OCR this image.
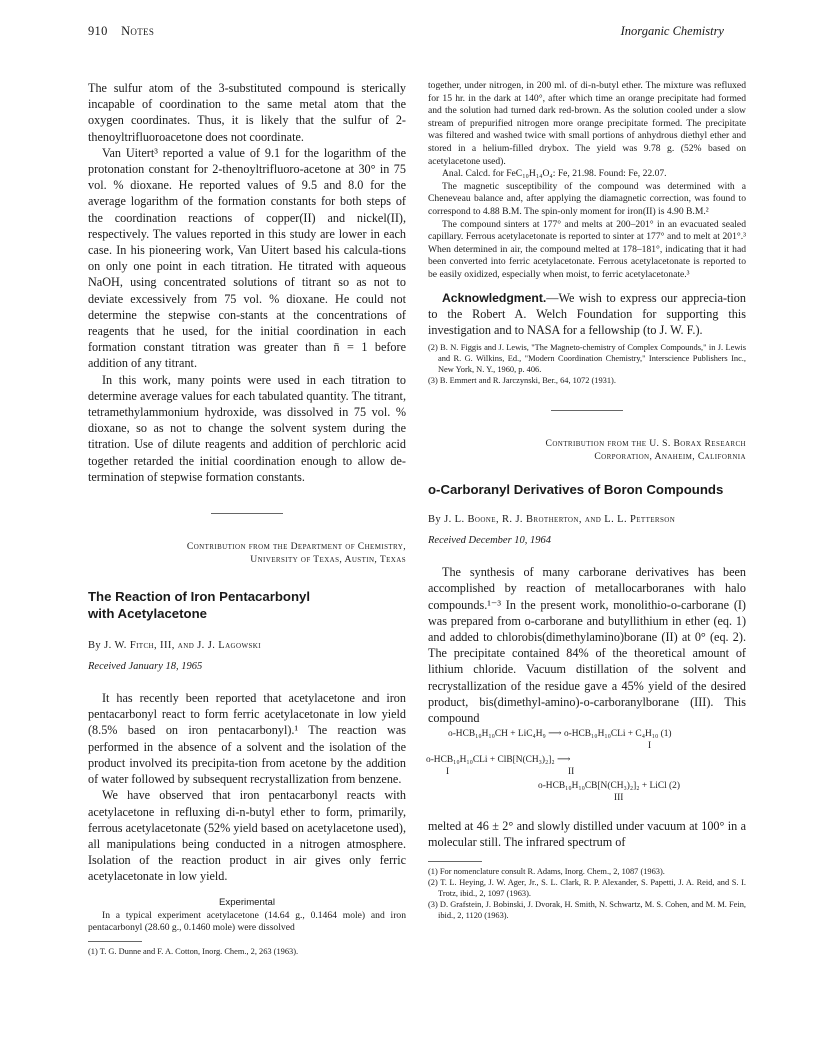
910 Notes	Inorganic Chemistry

The sulfur atom of the 3-substituted compound is sterically incapable of coordination to the same metal atom that the oxygen coordinates. Thus, it is likely that the sulfur of 2-thenoyltrifluoroacetone does not coordinate.

Van Uitert³ reported a value of 9.1 for the logarithm of the protonation constant for 2-thenoyltrifluoro-acetone at 30° in 75 vol. % dioxane. He reported values of 9.5 and 8.0 for the average logarithm of the formation constants for both steps of the coordination reactions of copper(II) and nickel(II), respectively. The values reported in this study are lower in each case. In his pioneering work, Van Uitert based his calcula-tions on only one point in each titration. He titrated with aqueous NaOH, using concentrated solutions of titrant so as not to deviate excessively from 75 vol. % dioxane. He could not determine the stepwise con-stants at the concentrations of reagents that he used, for the initial coordination in each formation constant titration was greater than n̄ = 1 before addition of any titrant.

In this work, many points were used in each titration to determine average values for each tabulated quantity. The titrant, tetramethylammonium hydroxide, was dissolved in 75 vol. % dioxane, so as not to change the solvent system during the titration. Use of dilute reagents and addition of perchloric acid together retarded the initial coordination enough to allow de-termination of stepwise formation constants.

Contribution from the Department of Chemistry,
University of Texas, Austin, Texas
The Reaction of Iron Pentacarbonyl
with Acetylacetone
By J. W. Fitch, III, and J. J. Lagowski
Received January 18, 1965

It has recently been reported that acetylacetone and iron pentacarbonyl react to form ferric acetylacetonate in low yield (8.5% based on iron pentacarbonyl).¹ The reaction was performed in the absence of a solvent and the isolation of the product involved its precipita-tion from acetone by the addition of water followed by subsequent recrystallization from benzene.

We have observed that iron pentacarbonyl reacts with acetylacetone in refluxing di-n-butyl ether to form, primarily, ferrous acetylacetonate (52% yield based on acetylacetone used), all manipulations being conducted in a nitrogen atmosphere. Isolation of the reaction product in air gives only ferric acetylacetonate in low yield.

Experimental

In a typical experiment acetylacetone (14.64 g., 0.1464 mole) and iron pentacarbonyl (28.60 g., 0.1460 mole) were dissolved

(1) T. G. Dunne and F. A. Cotton, Inorg. Chem., 2, 263 (1963).

together, under nitrogen, in 200 ml. of di-n-butyl ether. The mixture was refluxed for 15 hr. in the dark at 140°, after which time an orange precipitate had formed and the solution had turned dark red-brown. As the solution cooled under a slow stream of prepurified nitrogen more orange precipitate formed. The precipitate was filtered and washed twice with small portions of anhydrous diethyl ether and stored in a helium-filled drybox. The yield was 9.78 g. (52% based on acetylacetone used).

Anal. Calcd. for FeC₁₀H₁₄O₄: Fe, 21.98. Found: Fe, 22.07.

The magnetic susceptibility of the compound was determined with a Cheneveau balance and, after applying the diamagnetic correction, was found to correspond to 4.88 B.M. The spin-only moment for iron(II) is 4.90 B.M.²

The compound sinters at 177° and melts at 200–201° in an evacuated sealed capillary. Ferrous acetylacetonate is reported to sinter at 177° and to melt at 201°.³ When determined in air, the compound melted at 178–181°, indicating that it had been converted into ferric acetylacetonate. Ferrous acetylacetonate is reported to be easily oxidized, especially when moist, to ferric acetylacetonate.³

Acknowledgment.—We wish to express our apprecia-tion to the Robert A. Welch Foundation for supporting this investigation and to NASA for a fellowship (to J. W. F.).

(2) B. N. Figgis and J. Lewis, "The Magneto-chemistry of Complex Compounds," in J. Lewis and R. G. Wilkins, Ed., "Modern Coordination Chemistry," Interscience Publishers Inc., New York, N. Y., 1960, p. 406.

(3) B. Emmert and R. Jarczynski, Ber., 64, 1072 (1931).

Contribution from the U. S. Borax Research
Corporation, Anaheim, California
o-Carboranyl Derivatives of Boron Compounds
By J. L. Boone, R. J. Brotherton, and L. L. Petterson
Received December 10, 1964

The synthesis of many carborane derivatives has been accomplished by reaction of metallocarboranes with halo compounds.¹⁻³ In the present work, monolithio-o-carborane (I) was prepared from o-carborane and butyllithium in ether (eq. 1) and added to chlorobis(dimethylamino)borane (II) at 0° (eq. 2). The precipitate contained 84% of the theoretical amount of lithium chloride. Vacuum distillation of the solvent and recrystallization of the residue gave a 45% yield of the desired product, bis(dimethyl-amino)-o-carboranylborane (III). This compound

o-HCB₁₀H₁₀CH + LiC₄H₉ ⟶ o-HCB₁₀H₁₀CLi + C₄H₁₀ (1)
I
o-HCB₁₀H₁₀CLi + ClB[N(CH₃)₂]₂ ⟶
I	II
o-HCB₁₀H₁₀CB[N(CH₃)₂]₂ + LiCl (2)
III

melted at 46 ± 2° and slowly distilled under vacuum at 100° in a molecular still. The infrared spectrum of

(1) For nomenclature consult R. Adams, Inorg. Chem., 2, 1087 (1963).

(2) T. L. Heying, J. W. Ager, Jr., S. L. Clark, R. P. Alexander, S. Papetti, J. A. Reid, and S. I. Trotz, ibid., 2, 1097 (1963).

(3) D. Grafstein, J. Bobinski, J. Dvorak, H. Smith, N. Schwartz, M. S. Cohen, and M. M. Fein, ibid., 2, 1120 (1963).
